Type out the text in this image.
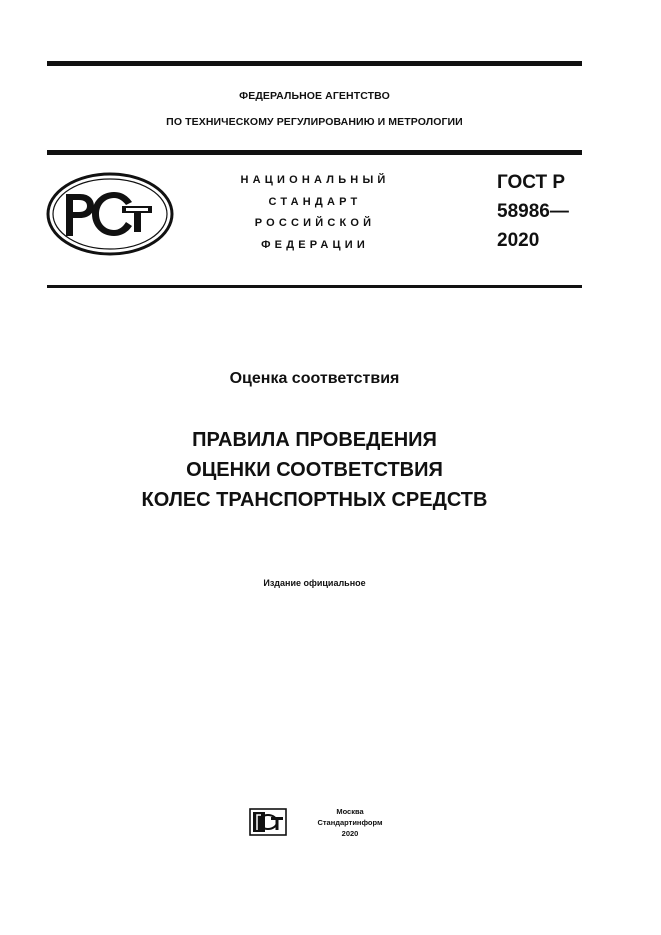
ФЕДЕРАЛЬНОЕ АГЕНТСТВО
ПО ТЕХНИЧЕСКОМУ РЕГУЛИРОВАНИЮ И МЕТРОЛОГИИ
НАЦИОНАЛЬНЫЙ
СТАНДАРТ
РОССИЙСКОЙ
ФЕДЕРАЦИИ
ГОСТ Р
58986—
2020
Оценка соответствия
ПРАВИЛА ПРОВЕДЕНИЯ
ОЦЕНКИ СООТВЕТСТВИЯ
КОЛЕС ТРАНСПОРТНЫХ СРЕДСТВ
Издание официальное
Москва
Стандартинформ
2020
